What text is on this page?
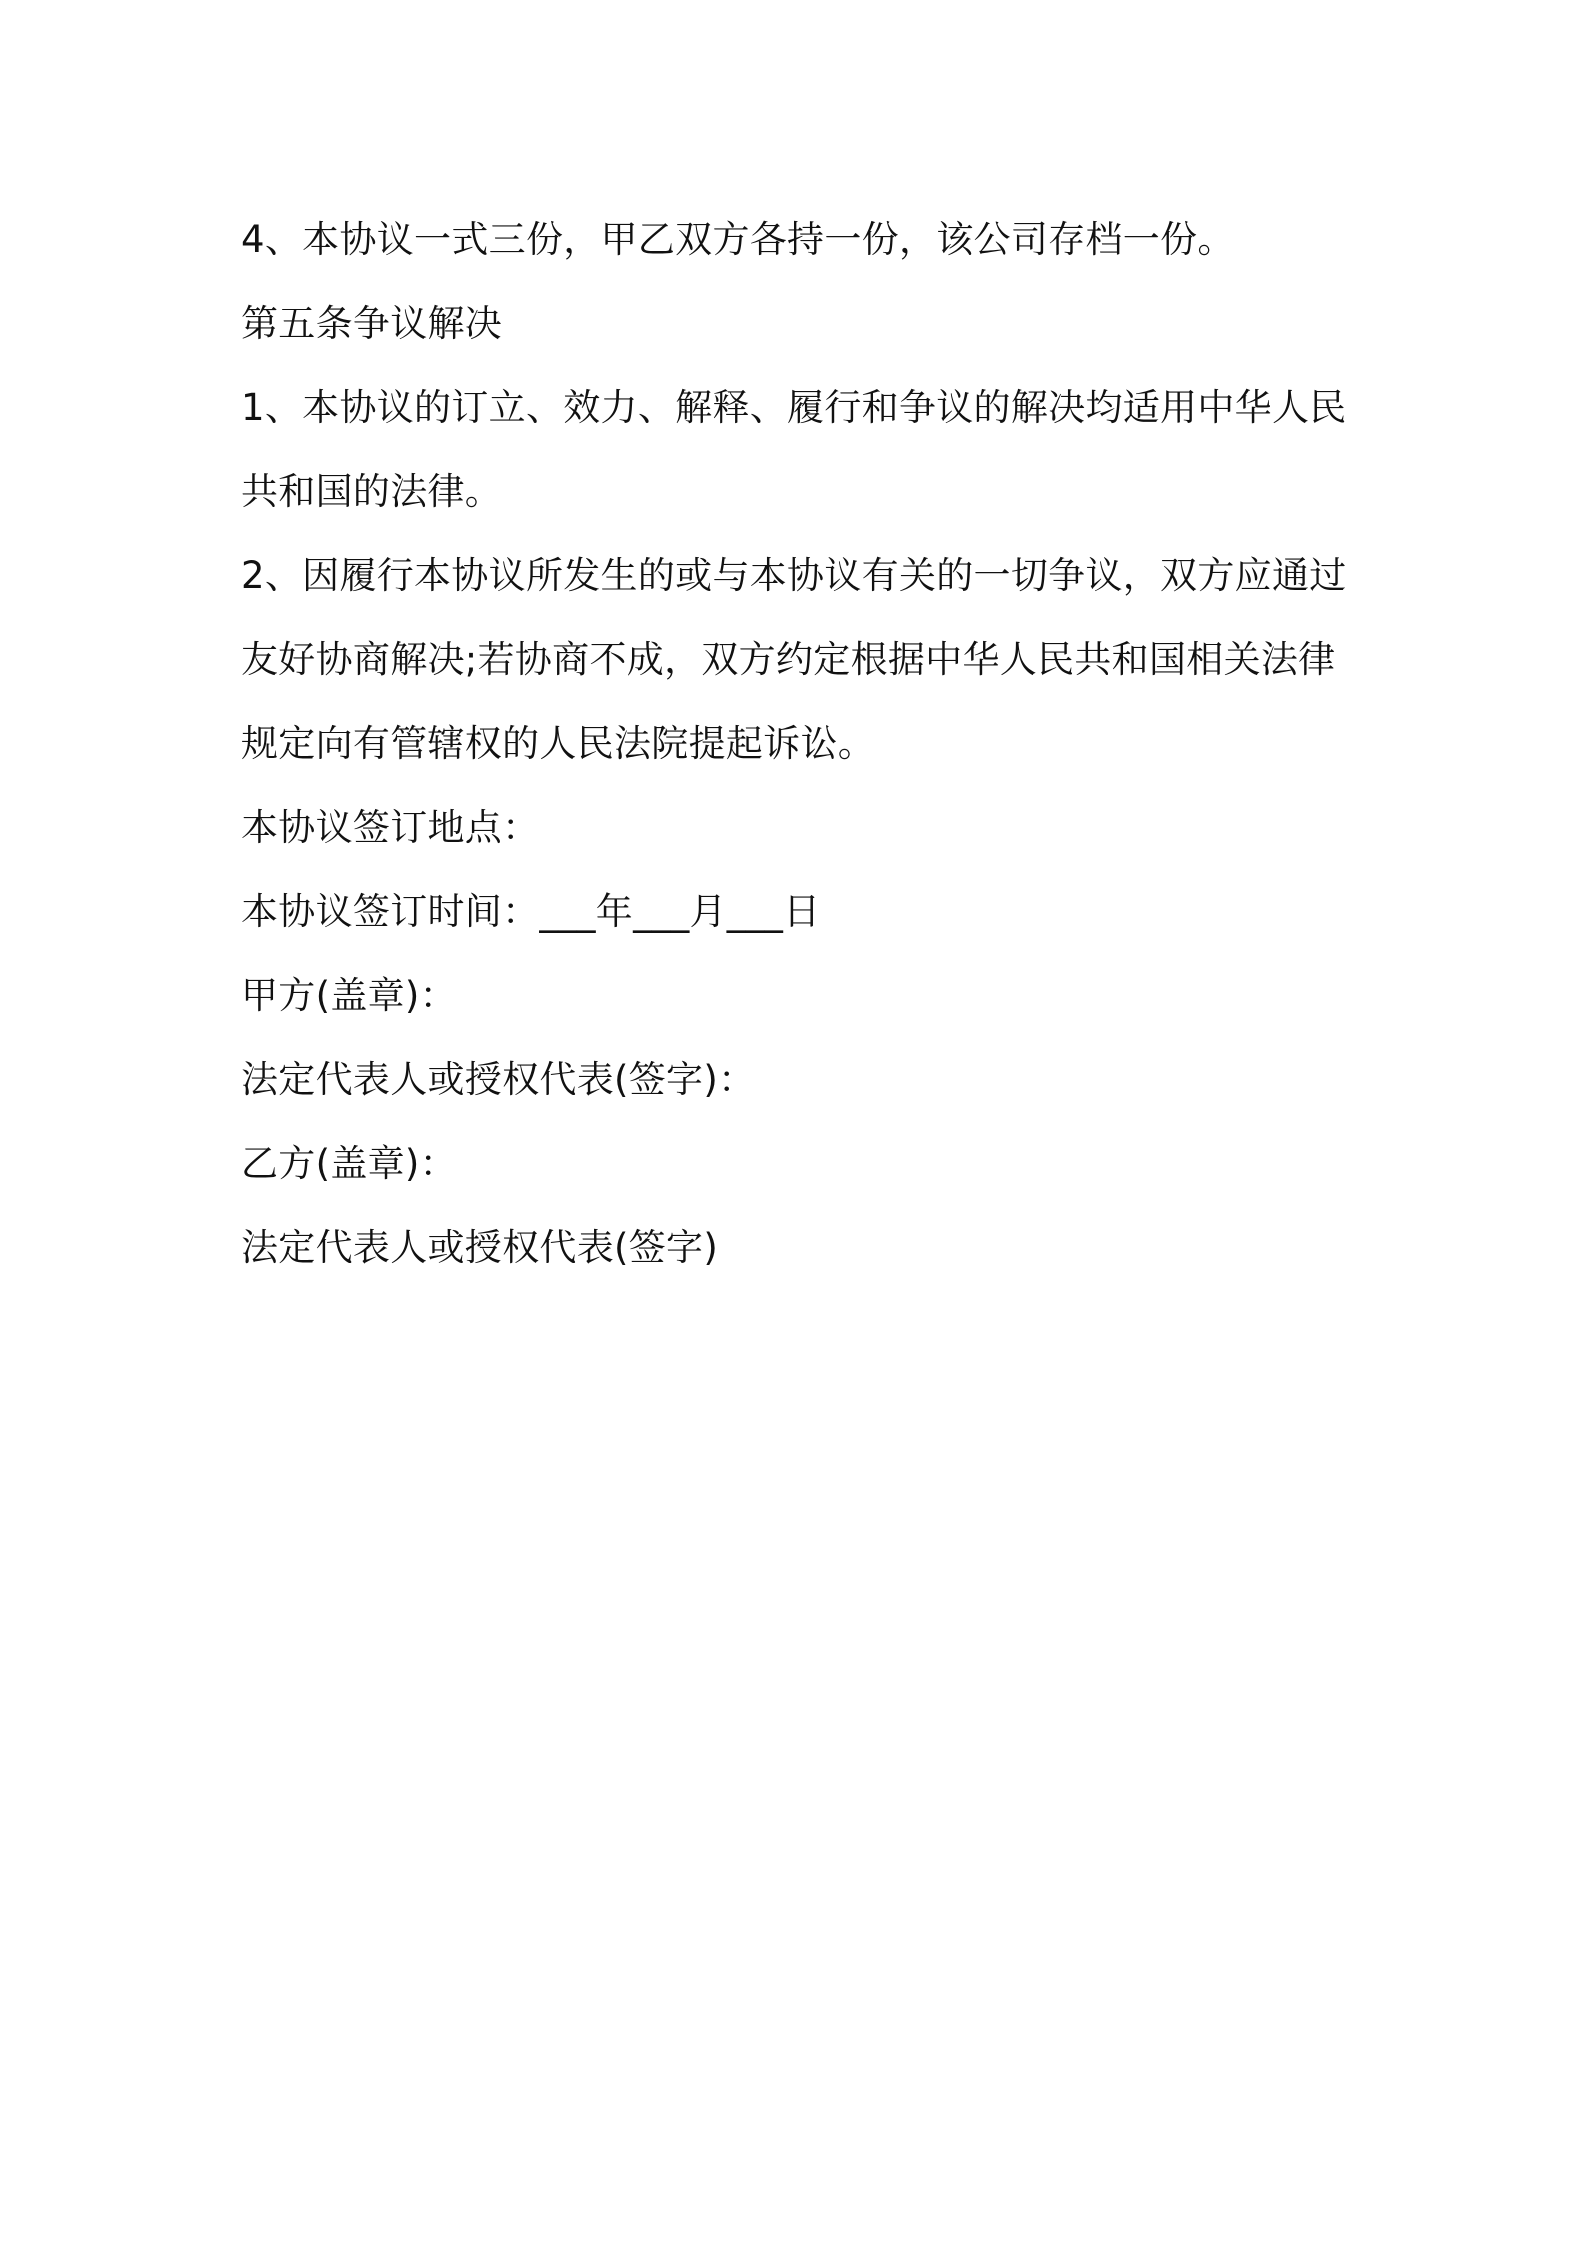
4、本协议一式三份，甲乙双方各持一份，该公司存档一份。

第五条争议解决

1、本协议的订立、效力、解释、履行和争议的解决均适用中华人民共和国的法律。

2、因履行本协议所发生的或与本协议有关的一切争议，双方应通过友好协商解决;若协商不成，双方约定根据中华人民共和国相关法律规定向有管辖权的人民法院提起诉讼。

本协议签订地点：

本协议签订时间：___年___月___日

甲方(盖章)：

法定代表人或授权代表(签字)：

乙方(盖章)：

法定代表人或授权代表(签字)
